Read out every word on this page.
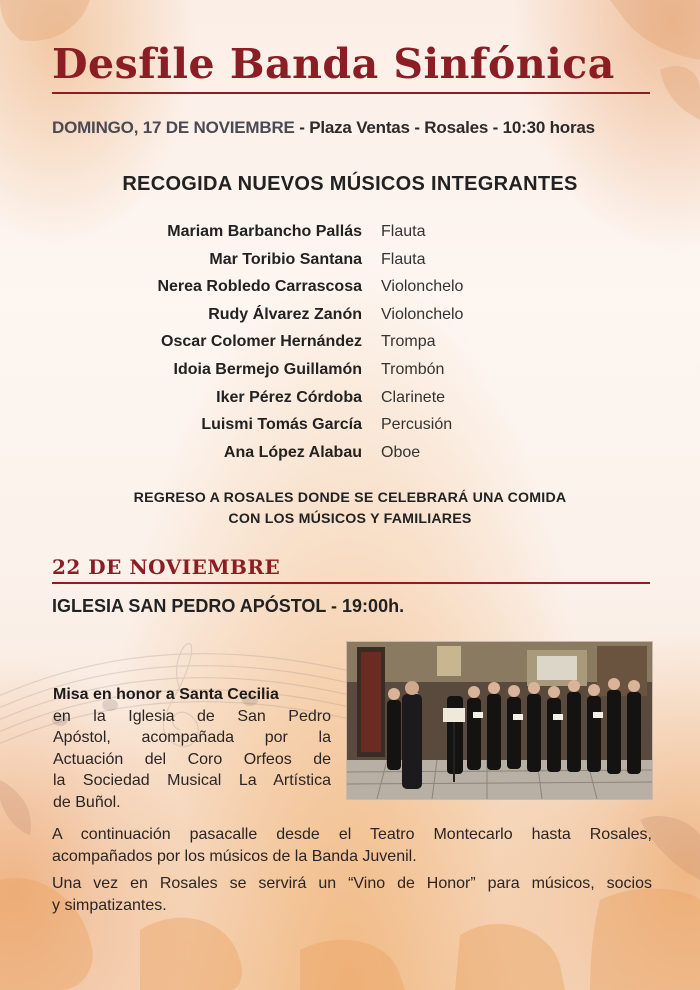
Desfile Banda Sinfónica
DOMINGO, 17 DE NOVIEMBRE - Plaza Ventas - Rosales - 10:30 horas
RECOGIDA NUEVOS MÚSICOS INTEGRANTES
Mariam Barbancho Pallás Flauta
Mar Toribio Santana Flauta
Nerea Robledo Carrascosa Violonchelo
Rudy Álvarez Zanón Violonchelo
Oscar Colomer Hernández Trompa
Idoia Bermejo Guillamón Trombón
Iker Pérez Córdoba Clarinete
Luismi Tomás García Percusión
Ana López Alabau Oboe
REGRESO A ROSALES DONDE SE CELEBRARÁ UNA COMIDA
CON LOS MÚSICOS Y FAMILIARES
22 DE NOVIEMBRE
IGLESIA SAN PEDRO APÓSTOL - 19:00h.
Misa en honor a Santa Cecilia
en la Iglesia de San Pedro
Apóstol, acompañada por la
Actuación del Coro Orfeos de
la Sociedad Musical La Artística
de Buñol.
A continuación pasacalle desde el Teatro Montecarlo hasta Rosales,
acompañados por los músicos de la Banda Juvenil.
Una vez en Rosales se servirá un “Vino de Honor” para músicos, socios
y simpatizantes.
